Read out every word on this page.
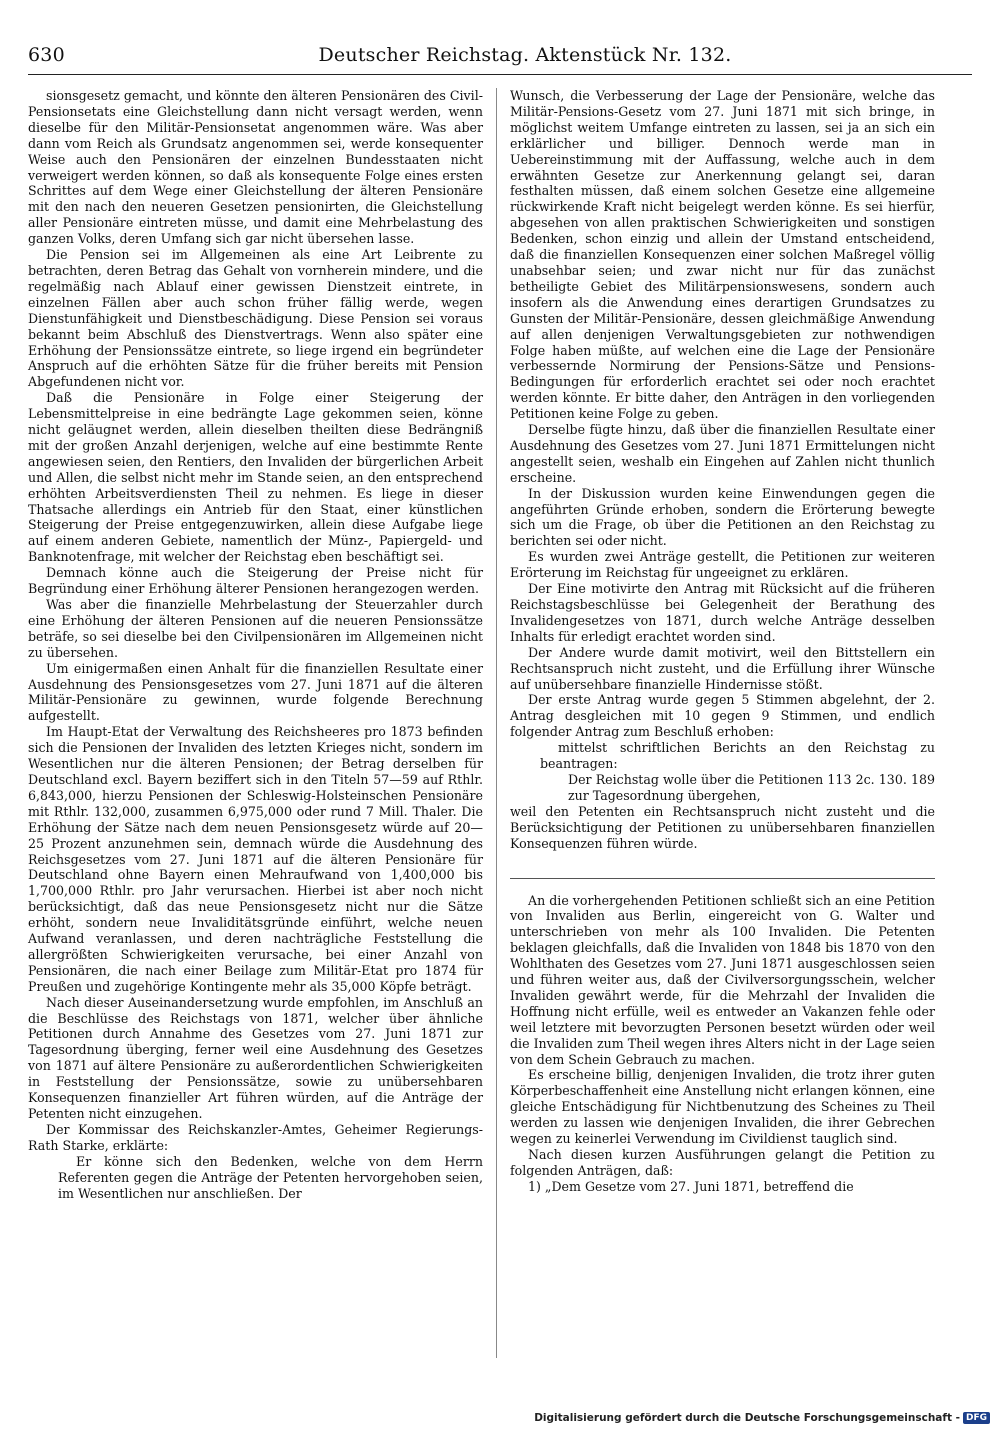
630	Deutscher Reichstag. Aktenstück Nr. 132.

sionsgesetz gemacht, und könnte den älteren Pensionären des Civil-Pensionsetats eine Gleichstellung dann nicht versagt werden, wenn dieselbe für den Militär-Pensionsetat angenommen wäre. Was aber dann vom Reich als Grundsatz angenommen sei, werde konsequenter Weise auch den Pensionären der einzelnen Bundesstaaten nicht verweigert werden können, so daß als konsequente Folge eines ersten Schrittes auf dem Wege einer Gleichstellung der älteren Pensionäre mit den nach den neueren Gesetzen pensionirten, die Gleichstellung aller Pensionäre eintreten müsse, und damit eine Mehrbelastung des ganzen Volks, deren Umfang sich gar nicht übersehen lasse.

Die Pension sei im Allgemeinen als eine Art Leibrente zu betrachten, deren Betrag das Gehalt von vornherein mindere, und die regelmäßig nach Ablauf einer gewissen Dienstzeit eintrete, in einzelnen Fällen aber auch schon früher fällig werde, wegen Dienstunfähigkeit und Dienstbeschädigung. Diese Pension sei voraus bekannt beim Abschluß des Dienstvertrags. Wenn also später eine Erhöhung der Pensionssätze eintrete, so liege irgend ein begründeter Anspruch auf die erhöhten Sätze für die früher bereits mit Pension Abgefundenen nicht vor.

Daß die Pensionäre in Folge einer Steigerung der Lebensmittelpreise in eine bedrängte Lage gekommen seien, könne nicht geläugnet werden, allein dieselben theilten diese Bedrängniß mit der großen Anzahl derjenigen, welche auf eine bestimmte Rente angewiesen seien, den Rentiers, den Invaliden der bürgerlichen Arbeit und Allen, die selbst nicht mehr im Stande seien, an den entsprechend erhöhten Arbeitsverdiensten Theil zu nehmen. Es liege in dieser Thatsache allerdings ein Antrieb für den Staat, einer künstlichen Steigerung der Preise entgegenzuwirken, allein diese Aufgabe liege auf einem anderen Gebiete, namentlich der Münz-, Papiergeld- und Banknotenfrage, mit welcher der Reichstag eben beschäftigt sei.

Demnach könne auch die Steigerung der Preise nicht für Begründung einer Erhöhung älterer Pensionen herangezogen werden.

Was aber die finanzielle Mehrbelastung der Steuerzahler durch eine Erhöhung der älteren Pensionen auf die neueren Pensionssätze beträfe, so sei dieselbe bei den Civilpensionären im Allgemeinen nicht zu übersehen.

Um einigermaßen einen Anhalt für die finanziellen Resultate einer Ausdehnung des Pensionsgesetzes vom 27. Juni 1871 auf die älteren Militär-Pensionäre zu gewinnen, wurde folgende Berechnung aufgestellt.

Im Haupt-Etat der Verwaltung des Reichsheeres pro 1873 befinden sich die Pensionen der Invaliden des letzten Krieges nicht, sondern im Wesentlichen nur die älteren Pensionen; der Betrag derselben für Deutschland excl. Bayern beziffert sich in den Titeln 57—59 auf Rthlr. 6,843,000, hierzu Pensionen der Schleswig-Holsteinschen Pensionäre mit Rthlr. 132,000, zusammen 6,975,000 oder rund 7 Mill. Thaler. Die Erhöhung der Sätze nach dem neuen Pensionsgesetz würde auf 20—25 Prozent anzunehmen sein, demnach würde die Ausdehnung des Reichsgesetzes vom 27. Juni 1871 auf die älteren Pensionäre für Deutschland ohne Bayern einen Mehraufwand von 1,400,000 bis 1,700,000 Rthlr. pro Jahr verursachen. Hierbei ist aber noch nicht berücksichtigt, daß das neue Pensionsgesetz nicht nur die Sätze erhöht, sondern neue Invaliditätsgründe einführt, welche neuen Aufwand veranlassen, und deren nachträgliche Feststellung die allergrößten Schwierigkeiten verursache, bei einer Anzahl von Pensionären, die nach einer Beilage zum Militär-Etat pro 1874 für Preußen und zugehörige Kontingente mehr als 35,000 Köpfe beträgt.

Nach dieser Auseinandersetzung wurde empfohlen, im Anschluß an die Beschlüsse des Reichstags von 1871, welcher über ähnliche Petitionen durch Annahme des Gesetzes vom 27. Juni 1871 zur Tagesordnung überging, ferner weil eine Ausdehnung des Gesetzes von 1871 auf ältere Pensionäre zu außerordentlichen Schwierigkeiten in Feststellung der Pensionssätze, sowie zu unübersehbaren Konsequenzen finanzieller Art führen würden, auf die Anträge der Petenten nicht einzugehen.

Der Kommissar des Reichskanzler-Amtes, Geheimer Regierungs-Rath Starke, erklärte:

Er könne sich den Bedenken, welche von dem Herrn Referenten gegen die Anträge der Petenten hervorgehoben seien, im Wesentlichen nur anschließen. Der

Wunsch, die Verbesserung der Lage der Pensionäre, welche das Militär-Pensions-Gesetz vom 27. Juni 1871 mit sich bringe, in möglichst weitem Umfange eintreten zu lassen, sei ja an sich ein erklärlicher und billiger. Dennoch werde man in Uebereinstimmung mit der Auffassung, welche auch in dem erwähnten Gesetze zur Anerkennung gelangt sei, daran festhalten müssen, daß einem solchen Gesetze eine allgemeine rückwirkende Kraft nicht beigelegt werden könne. Es sei hierfür, abgesehen von allen praktischen Schwierigkeiten und sonstigen Bedenken, schon einzig und allein der Umstand entscheidend, daß die finanziellen Konsequenzen einer solchen Maßregel völlig unabsehbar seien; und zwar nicht nur für das zunächst betheiligte Gebiet des Militärpensionswesens, sondern auch insofern als die Anwendung eines derartigen Grundsatzes zu Gunsten der Militär-Pensionäre, dessen gleichmäßige Anwendung auf allen denjenigen Verwaltungsgebieten zur nothwendigen Folge haben müßte, auf welchen eine die Lage der Pensionäre verbessernde Normirung der Pensions-Sätze und Pensions-Bedingungen für erforderlich erachtet sei oder noch erachtet werden könnte. Er bitte daher, den Anträgen in den vorliegenden Petitionen keine Folge zu geben.

Derselbe fügte hinzu, daß über die finanziellen Resultate einer Ausdehnung des Gesetzes vom 27. Juni 1871 Ermittelungen nicht angestellt seien, weshalb ein Eingehen auf Zahlen nicht thunlich erscheine.

In der Diskussion wurden keine Einwendungen gegen die angeführten Gründe erhoben, sondern die Erörterung bewegte sich um die Frage, ob über die Petitionen an den Reichstag zu berichten sei oder nicht.

Es wurden zwei Anträge gestellt, die Petitionen zur weiteren Erörterung im Reichstag für ungeeignet zu erklären.

Der Eine motivirte den Antrag mit Rücksicht auf die früheren Reichstagsbeschlüsse bei Gelegenheit der Berathung des Invalidengesetzes von 1871, durch welche Anträge desselben Inhalts für erledigt erachtet worden sind.

Der Andere wurde damit motivirt, weil den Bittstellern ein Rechtsanspruch nicht zusteht, und die Erfüllung ihrer Wünsche auf unübersehbare finanzielle Hindernisse stößt.

Der erste Antrag wurde gegen 5 Stimmen abgelehnt, der 2. Antrag desgleichen mit 10 gegen 9 Stimmen, und endlich folgender Antrag zum Beschluß erhoben:

mittelst schriftlichen Berichts an den Reichstag zu beantragen:

Der Reichstag wolle über die Petitionen 113 2c. 130. 189 zur Tagesordnung übergehen,

weil den Petenten ein Rechtsanspruch nicht zusteht und die Berücksichtigung der Petitionen zu unübersehbaren finanziellen Konsequenzen führen würde.

An die vorhergehenden Petitionen schließt sich an eine Petition von Invaliden aus Berlin, eingereicht von G. Walter und unterschrieben von mehr als 100 Invaliden. Die Petenten beklagen gleichfalls, daß die Invaliden von 1848 bis 1870 von den Wohlthaten des Gesetzes vom 27. Juni 1871 ausgeschlossen seien und führen weiter aus, daß der Civilversorgungsschein, welcher Invaliden gewährt werde, für die Mehrzahl der Invaliden die Hoffnung nicht erfülle, weil es entweder an Vakanzen fehle oder weil letztere mit bevorzugten Personen besetzt würden oder weil die Invaliden zum Theil wegen ihres Alters nicht in der Lage seien von dem Schein Gebrauch zu machen.

Es erscheine billig, denjenigen Invaliden, die trotz ihrer guten Körperbeschaffenheit eine Anstellung nicht erlangen können, eine gleiche Entschädigung für Nichtbenutzung des Scheines zu Theil werden zu lassen wie denjenigen Invaliden, die ihrer Gebrechen wegen zu keinerlei Verwendung im Civildienst tauglich sind.

Nach diesen kurzen Ausführungen gelangt die Petition zu folgenden Anträgen, daß:

1) „Dem Gesetze vom 27. Juni 1871, betreffend die

Digitalisierung gefördert durch die Deutsche Forschungsgemeinschaft - DFG
